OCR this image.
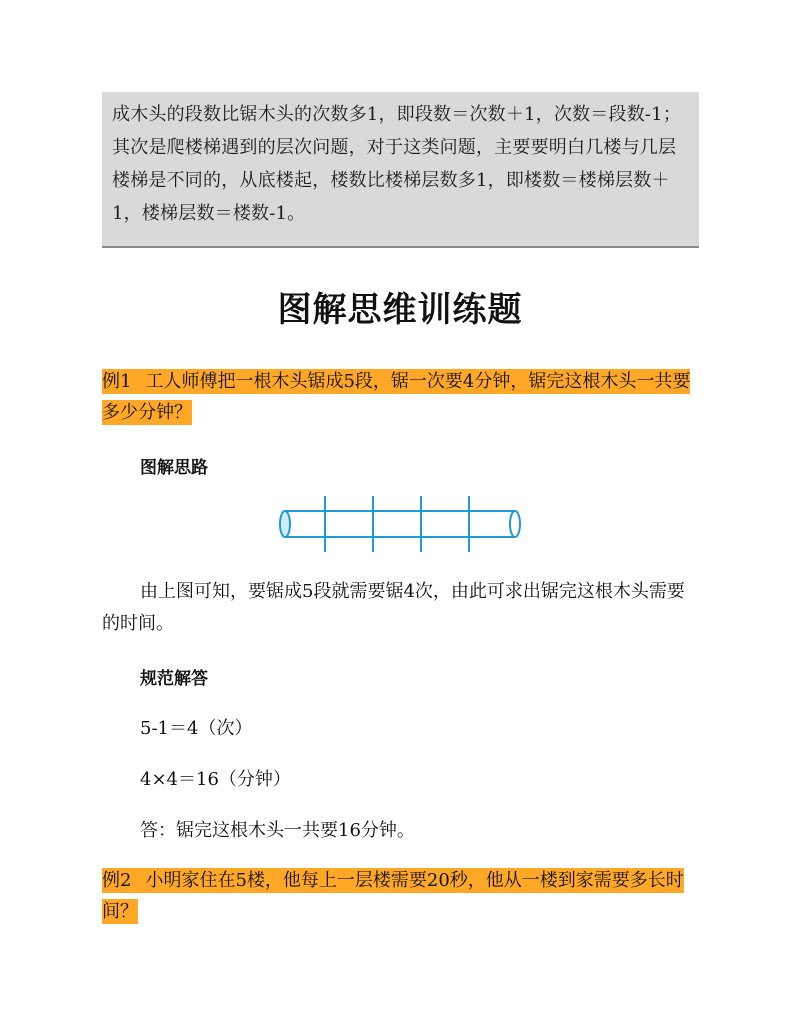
成木头的段数比锯木头的次数多1，即段数＝次数＋1，次数＝段数-1；其次是爬楼梯遇到的层次问题，对于这类问题，主要要明白几楼与几层楼梯是不同的，从底楼起，楼数比楼梯层数多1，即楼数＝楼梯层数＋1，楼梯层数＝楼数-1。

图解思维训练题

例1 工人师傅把一根木头锯成5段，锯一次要4分钟，锯完这根木头一共要多少分钟？

图解思路

由上图可知，要锯成5段就需要锯4次，由此可求出锯完这根木头需要的时间。

规范解答

5-1＝4（次）

4×4＝16（分钟）

答：锯完这根木头一共要16分钟。

例2 小明家住在5楼，他每上一层楼需要20秒，他从一楼到家需要多长时间？
